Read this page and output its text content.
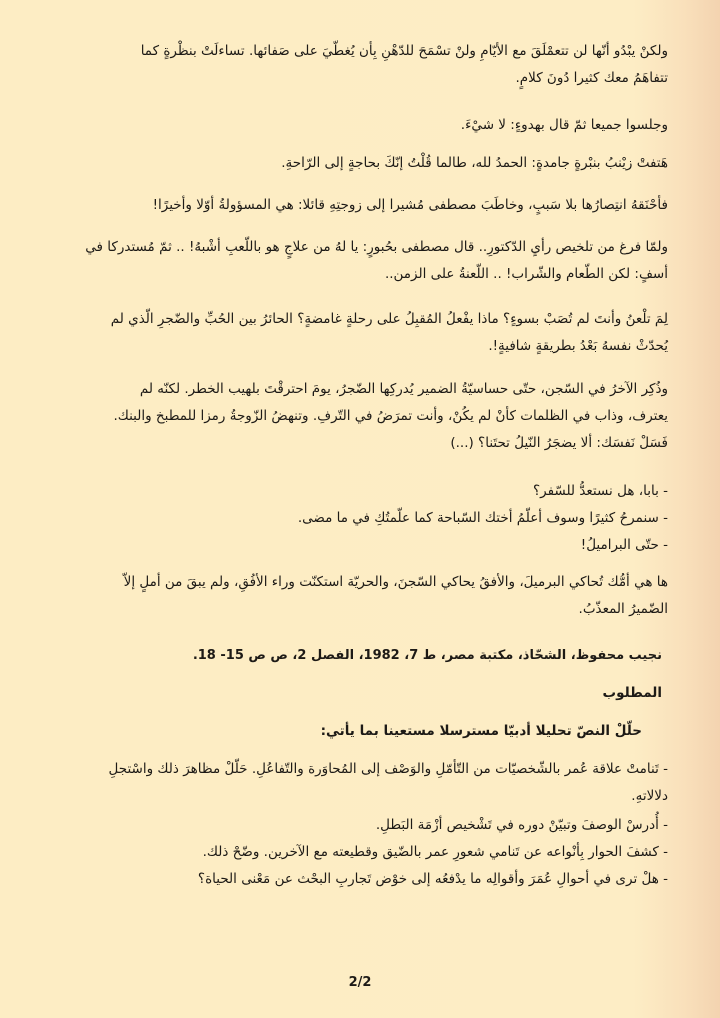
ولكنْ يبْدُو أنّها لن تتعمْلَقَ مع الأيّامِ ولنْ تسْمَحَ للدّهْنِ بِأن يُغطّيَ على صَفائها. تساءلَتْ بنظْرةٍ كما

تتفاهَمُ معك كثيرا دُونَ كلامٍ.

وجلسوا جميعا ثمّ قال بهدوءٍ: لا شيْءَ.

هَتفتْ زيْنبُ بنبْرةٍ جامدةٍ: الحمدُ لله، طالما قُلْتُ إنّكَ بحاجةٍ إلى الرّاحةِ.

فأحْنَقهُ انتِصارُها بلا سَببٍ، وخاطَبَ مصطفى مُشيرا إلى زوجتِهِ قائلا: هي المسؤولةُ أوّلا وأخيرًا!

ولمّا فرغ من تلخيص رأيِ الدّكتورِ.. قال مصطفى بحُبورٍ: يا لهُ من علاجٍ هو باللّعبِ أشْبهُ! .. ثمّ مُستدركا في

أسفٍ: لكن الطّعام والشّراب! .. اللّعنةُ على الزمن..

لِمَ تلْعنُ وأنتَ لم تُصَبْ بسوءٍ؟ ماذا يفْعلُ المُقبِلُ على رحلةٍ غامضةٍ؟ الحائرُ بين الحُبِّ والضّجرِ الّذي لم

يُحدّثْ نفسهُ بَعْدُ بطريقةٍ شافيةٍ!.

وذُكِر الآخرُ في السّجن، حتّى حساسيّةُ الضمير يُدركِها الضّجرُ، يومَ احترقْتَ بلهيب الخطر. لكنّه لم

يعترف، وذاب في الظلمات كأنْ لم يكُنْ، وأنت تمرَضُ في التّرفِ. وتنهضُ الزّوجةُ رمزا للمطبخ والبنك.

فَسَلْ نَفسَك: ألا يضجَرُ النّيلُ تحتَنا؟ (...)

- بابا، هل نستعدُّ للسّفر؟

- سنمرحُ كثيرًا وسوف أعلّمُ أختك السّباحة كما علّمتُكِ في ما مضى.

- حتّى البراميلُ!

ها هي أمُّك تُحاكي البرميلَ، والأفقُ يحاكي السّجنَ، والحريّة استكنّت وراء الأفُقِ، ولم يبقَ من أملٍ إلاّ

الضّميرُ المعذّبُ.

نجيب محفوظ، الشحّاذ، مكتبة مصر، ط 7، 1982، الفصل 2، ص ص 15- 18.

المطلوب

حلّلْ النصّ تحليلا أدبيّا مسترسلا مستعينا بما يأتي:

- تَنامتْ علاقة عُمر بالشّخصيّات من التّأمّلِ والوَصْف إلى المُحاوَرة والتّفاعُلِ. حَلّلْ مظاهرَ ذلك واسْتجلِ

دلالاتهِ.

- أُدرسْ الوصفَ وتبيّنْ دوره في تَشْخيص أزْمَة البَطلِ.

- كشفَ الحوار بِأنْواعه عن تَنامي شعورِ عمر بالضّيق وقطيعته مع الآخرين. وضّحْ ذلك.

- هلْ ترى في أحوالِ عُمَرَ وأقوالِه ما يدْفعُه إلى خوْض تَجاربِ البحْث عن مَعْنى الحياة؟

2/2
